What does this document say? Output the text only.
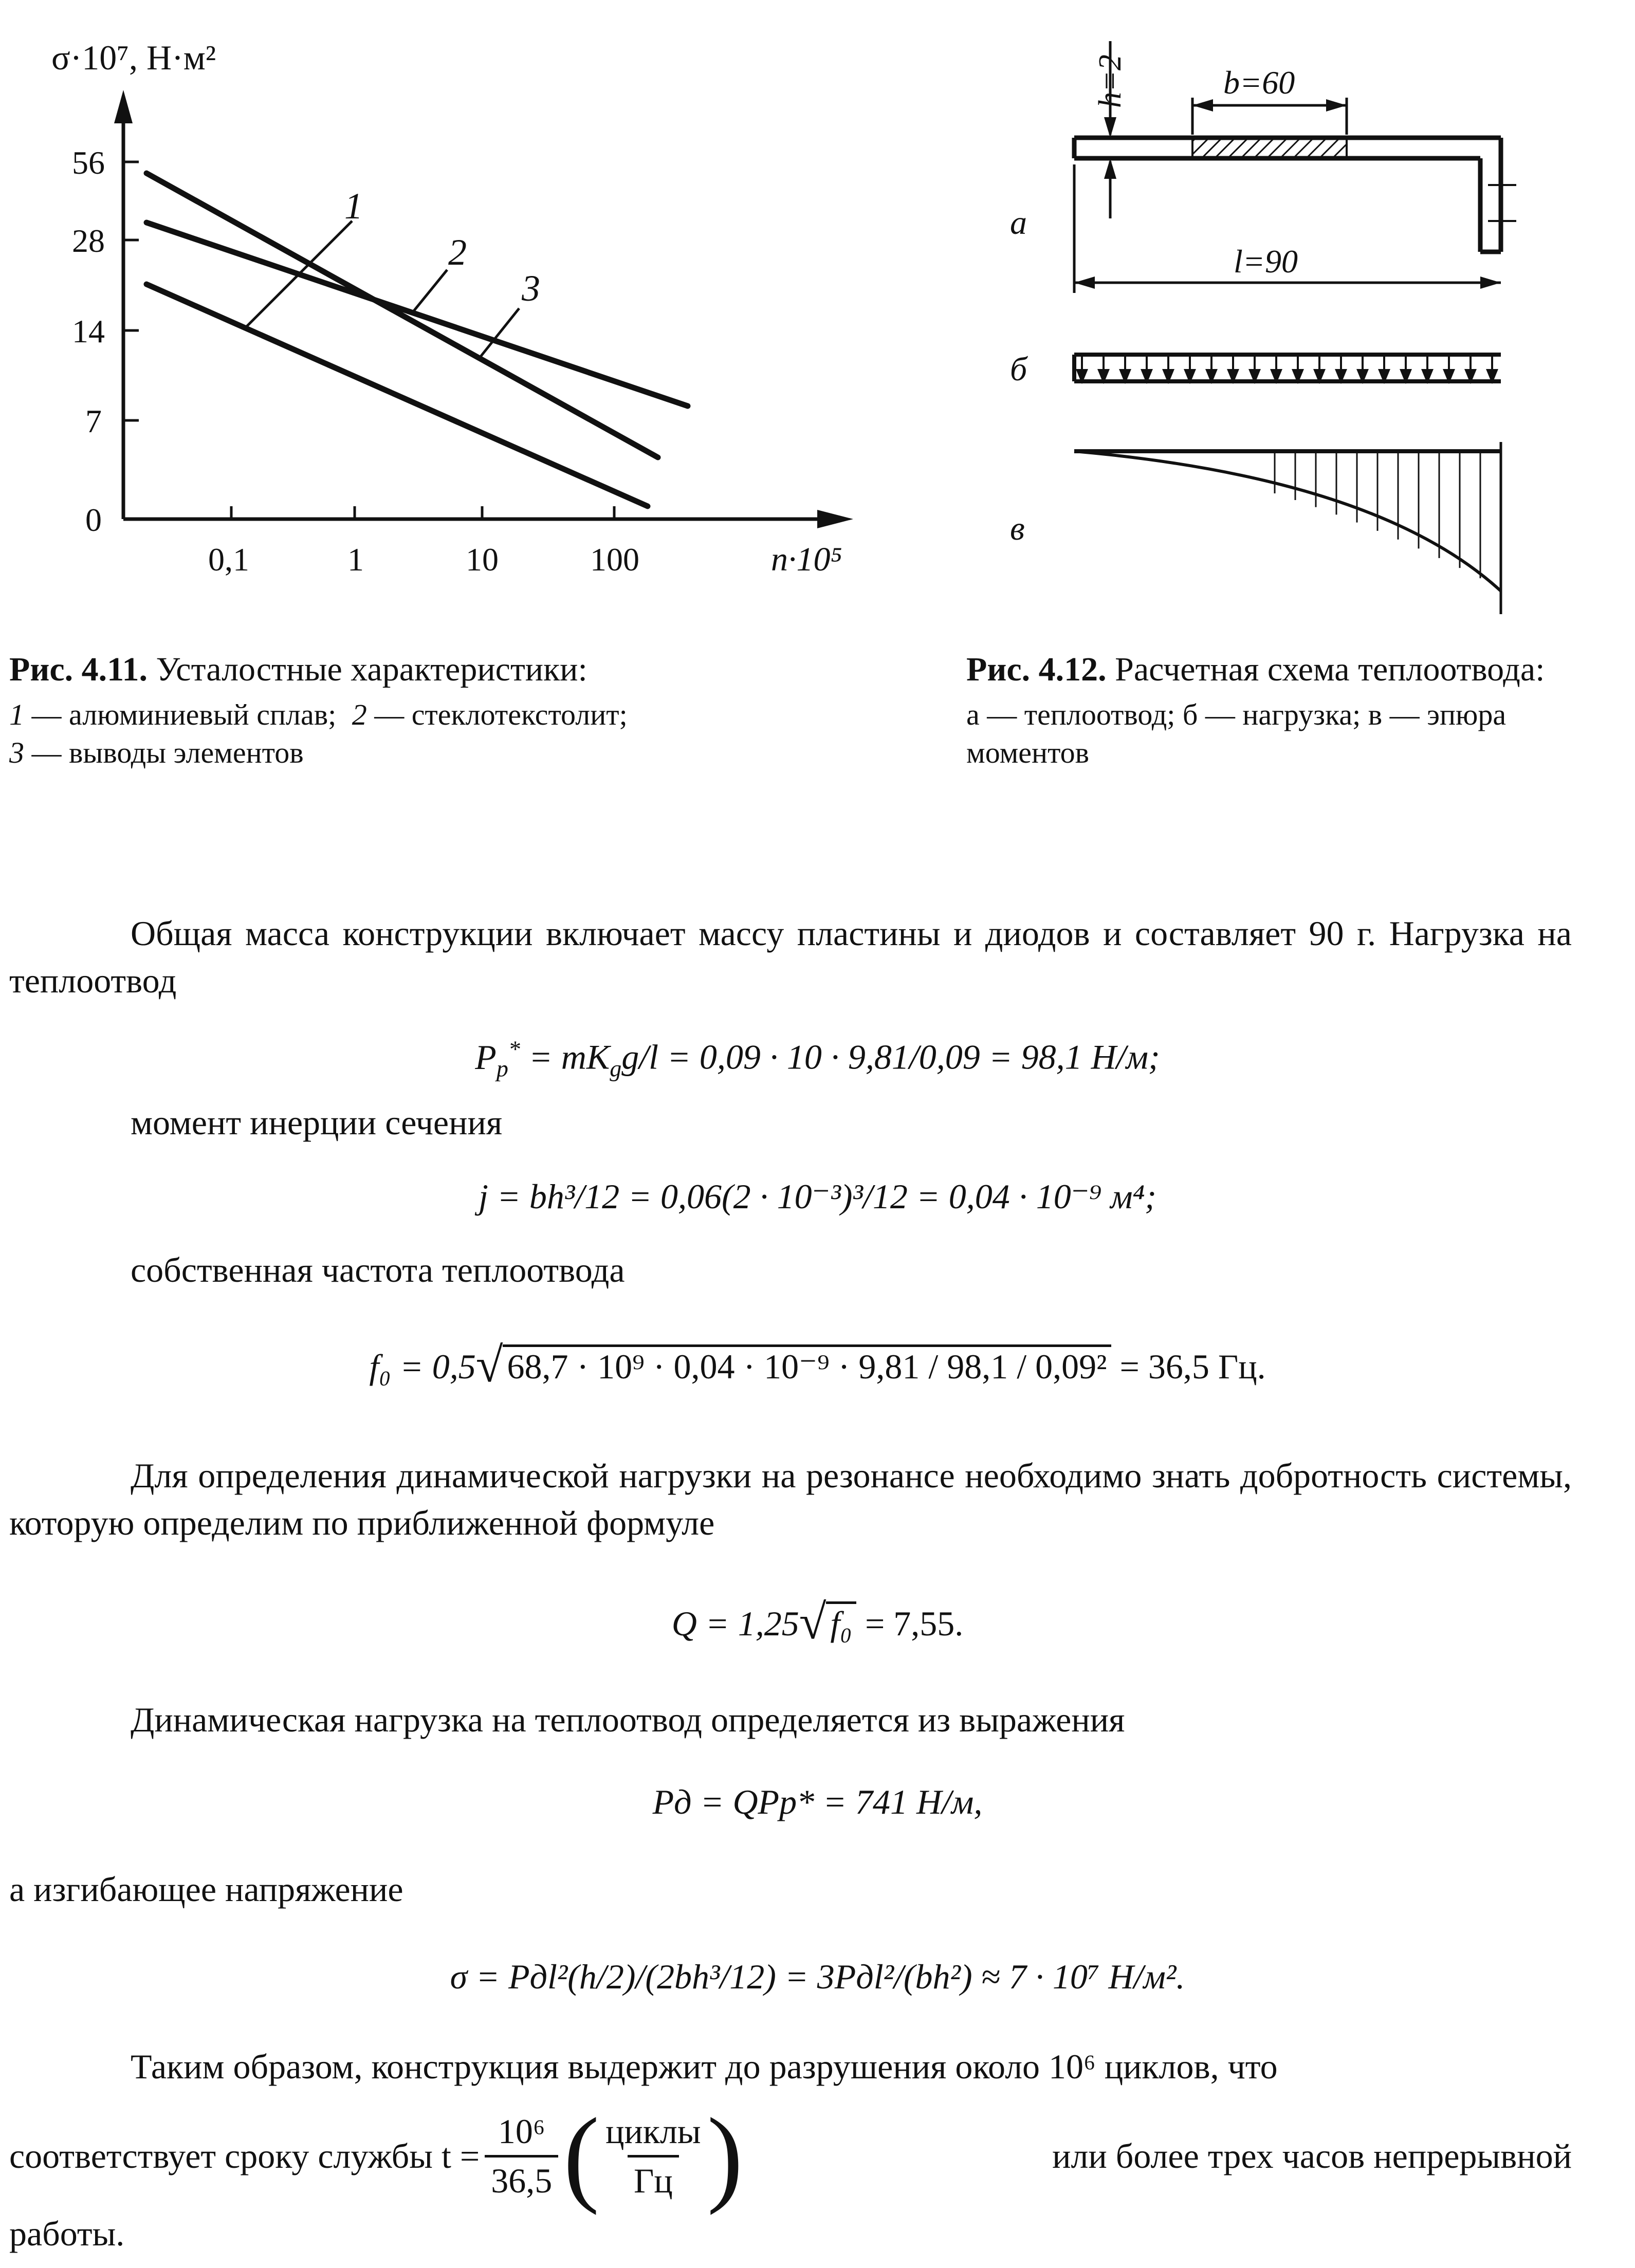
σ·10⁷, Н·м²
56
28
14
7
0
0,1	1	10	100	n·10⁵
1
2
3
Рис. 4.11. Усталостные характеристики:
1 — алюминиевый сплав; 2 — стеклотекстолит;
3 — выводы элементов
h=2	b=60
l=90
а
б
в
Рис. 4.12. Расчетная схема теплоотвода:
а — теплоотвод; б — нагрузка; в — эпюра моментов
Общая масса конструкции включает массу пластины и диодов и составляет 90 г. Нагрузка на теплоотвод
$P_p^* = mK_gg/l = 0,09 \cdot 10 \cdot 9,81/0,09 = 98,1$ Н/м;
момент инерции сечения
j = bh³/12 = 0,06(2 · 10⁻³)³/12 = 0,04 · 10⁻⁹ м⁴;
собственная частота теплоотвода
f₀ = 0,5√ 68,7 · 10⁹ · 0,04 · 10⁻⁹ · 9,81 / 98,1 / 0,09² = 36,5 Гц.
Для определения динамической нагрузки на резонансе необходимо знать добротность системы, которую определим по приближенной формуле
Q = 1,25√ f₀ = 7,55.
Динамическая нагрузка на теплоотвод определяется из выражения
Pд = QPр* = 741 Н/м,
а изгибающее напряжение
σ = Pдl²(h/2)/(2bh³/12) = 3Pдl²/(bh²) ≈ 7 · 10⁷ Н/м².
Таким образом, конструкция выдержит до разрушения около 10⁶ циклов, что
соответствует сроку службы $t = \frac{\text{10⁶}}{36,5}$ ( циклы
Гц )	или более трех часов непрерывной
работы.
